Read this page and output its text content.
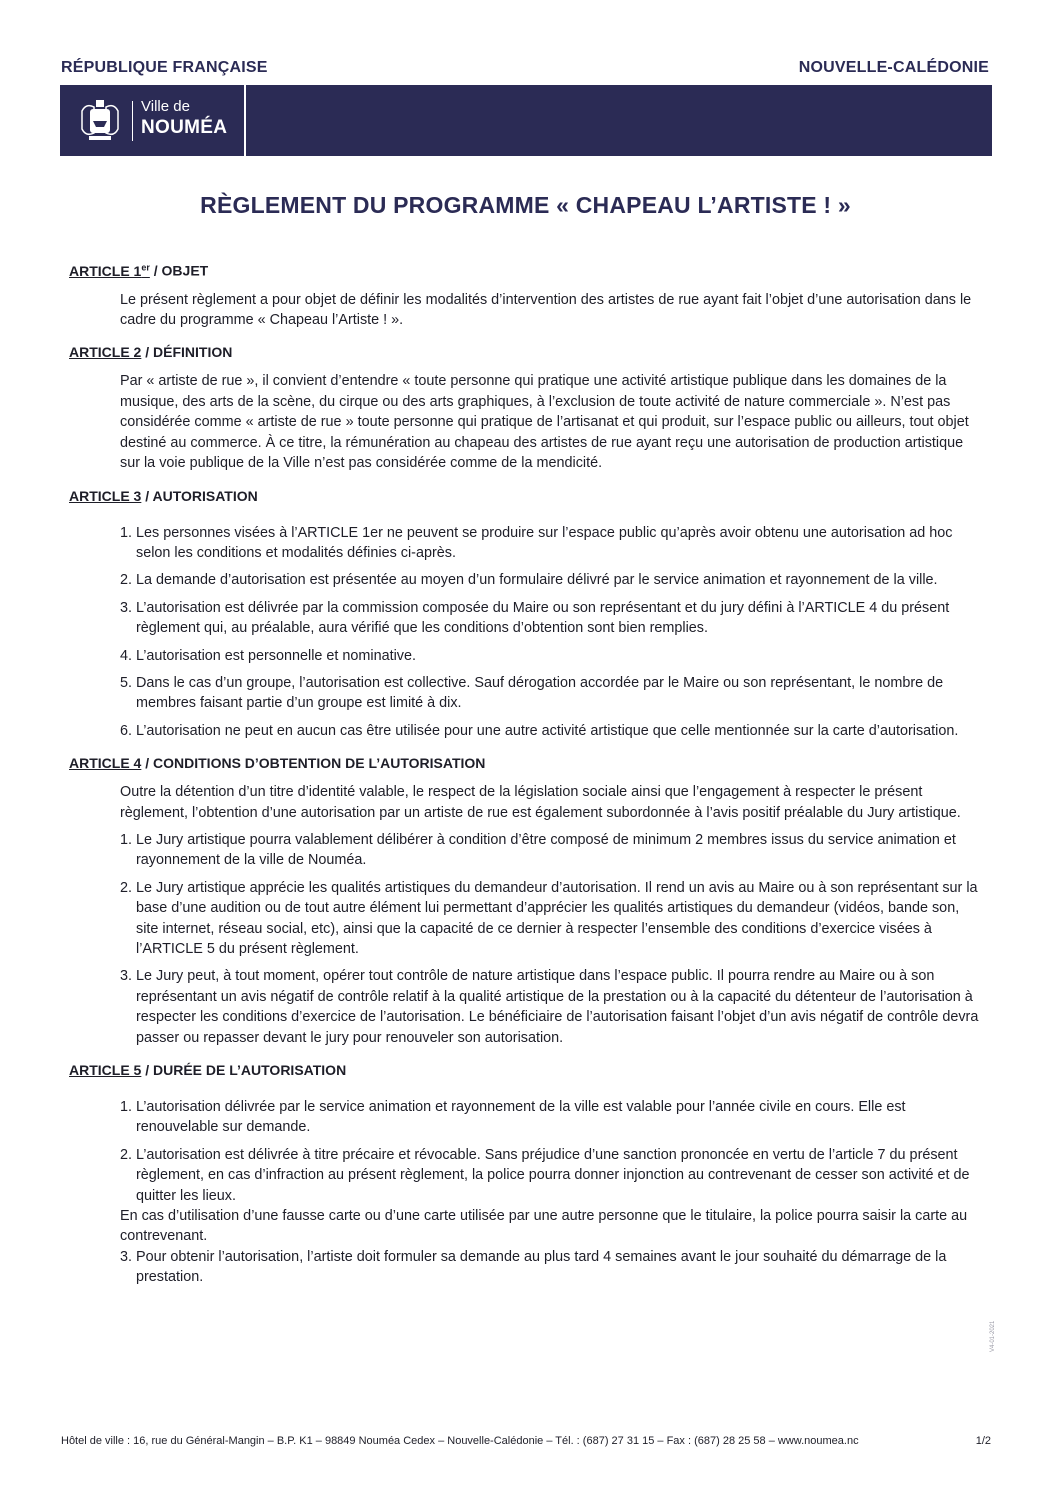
RÉPUBLIQUE FRANÇAISE	NOUVELLE-CALÉDONIE
Ville de
NOUMÉA
RÈGLEMENT DU PROGRAMME « CHAPEAU L’ARTISTE ! »
ARTICLE 1er / OBJET

Le présent règlement a pour objet de définir les modalités d’intervention des artistes de rue ayant fait l’objet d’une autorisation dans le cadre du programme « Chapeau l’Artiste ! ».

ARTICLE 2 / DÉFINITION

Par « artiste de rue », il convient d’entendre « toute personne qui pratique une activité artistique publique dans les domaines de la musique, des arts de la scène, du cirque ou des arts graphiques, à l’exclusion de toute activité de nature commerciale ». N’est pas considérée comme « artiste de rue » toute personne qui pratique de l’artisanat et qui produit, sur l’espace public ou ailleurs, tout objet destiné au commerce. À ce titre, la rémunération au chapeau des artistes de rue ayant reçu une autorisation de production artistique sur la voie publique de la Ville n’est pas considérée comme de la mendicité.

ARTICLE 3 / AUTORISATION
1. Les personnes visées à l’ARTICLE 1er ne peuvent se produire sur l’espace public qu’après avoir obtenu une autorisation ad hoc selon les conditions et modalités définies ci-après.
2. La demande d’autorisation est présentée au moyen d’un formulaire délivré par le service animation et rayonnement de la ville.
3. L’autorisation est délivrée par la commission composée du Maire ou son représentant et du jury défini à l’ARTICLE 4 du présent règlement qui, au préalable, aura vérifié que les conditions d’obtention sont bien remplies.
4. L’autorisation est personnelle et nominative.
5. Dans le cas d’un groupe, l’autorisation est collective. Sauf dérogation accordée par le Maire ou son représentant, le nombre de membres faisant partie d’un groupe est limité à dix.
6. L’autorisation ne peut en aucun cas être utilisée pour une autre activité artistique que celle mentionnée sur la carte d’autorisation.
ARTICLE 4 / CONDITIONS D’OBTENTION DE L’AUTORISATION

Outre la détention d’un titre d’identité valable, le respect de la législation sociale ainsi que l’engagement à respecter le présent règlement, l’obtention d’une autorisation par un artiste de rue est également subordonnée à l’avis positif préalable du Jury artistique.

1. Le Jury artistique pourra valablement délibérer à condition d’être composé de minimum 2 membres issus du service animation et rayonnement de la ville de Nouméa.
2. Le Jury artistique apprécie les qualités artistiques du demandeur d’autorisation. Il rend un avis au Maire ou à son représentant sur la base d’une audition ou de tout autre élément lui permettant d’apprécier les qualités artistiques du demandeur (vidéos, bande son, site internet, réseau social, etc), ainsi que la capacité de ce dernier à respecter l’ensemble des conditions d’exercice visées à l’ARTICLE 5 du présent règlement.
3. Le Jury peut, à tout moment, opérer tout contrôle de nature artistique dans l’espace public. Il pourra rendre au Maire ou à son représentant un avis négatif de contrôle relatif à la qualité artistique de la prestation ou à la capacité du détenteur de l’autorisation à respecter les conditions d’exercice de l’autorisation. Le bénéficiaire de l’autorisation faisant l’objet d’un avis négatif de contrôle devra passer ou repasser devant le jury pour renouveler son autorisation.
ARTICLE 5 / DURÉE DE L’AUTORISATION
1. L’autorisation délivrée par le service animation et rayonnement de la ville est valable pour l’année civile en cours. Elle est renouvelable sur demande.
2. L’autorisation est délivrée à titre précaire et révocable. Sans préjudice d’une sanction prononcée en vertu de l’article 7 du présent règlement, en cas d’infraction au présent règlement, la police pourra donner injonction au contrevenant de cesser son activité et de quitter les lieux.

En cas d’utilisation d’une fausse carte ou d’une carte utilisée par une autre personne que le titulaire, la police pourra saisir la carte au contrevenant.

3. Pour obtenir l’autorisation, l’artiste doit formuler sa demande au plus tard 4 semaines avant le jour souhaité du démarrage de la prestation.
V4-01-2021
Hôtel de ville : 16, rue du Général-Mangin – B.P. K1 – 98849 Nouméa Cedex – Nouvelle-Calédonie – Tél. : (687) 27 31 15 – Fax : (687) 28 25 58 – www.noumea.nc	1/2
